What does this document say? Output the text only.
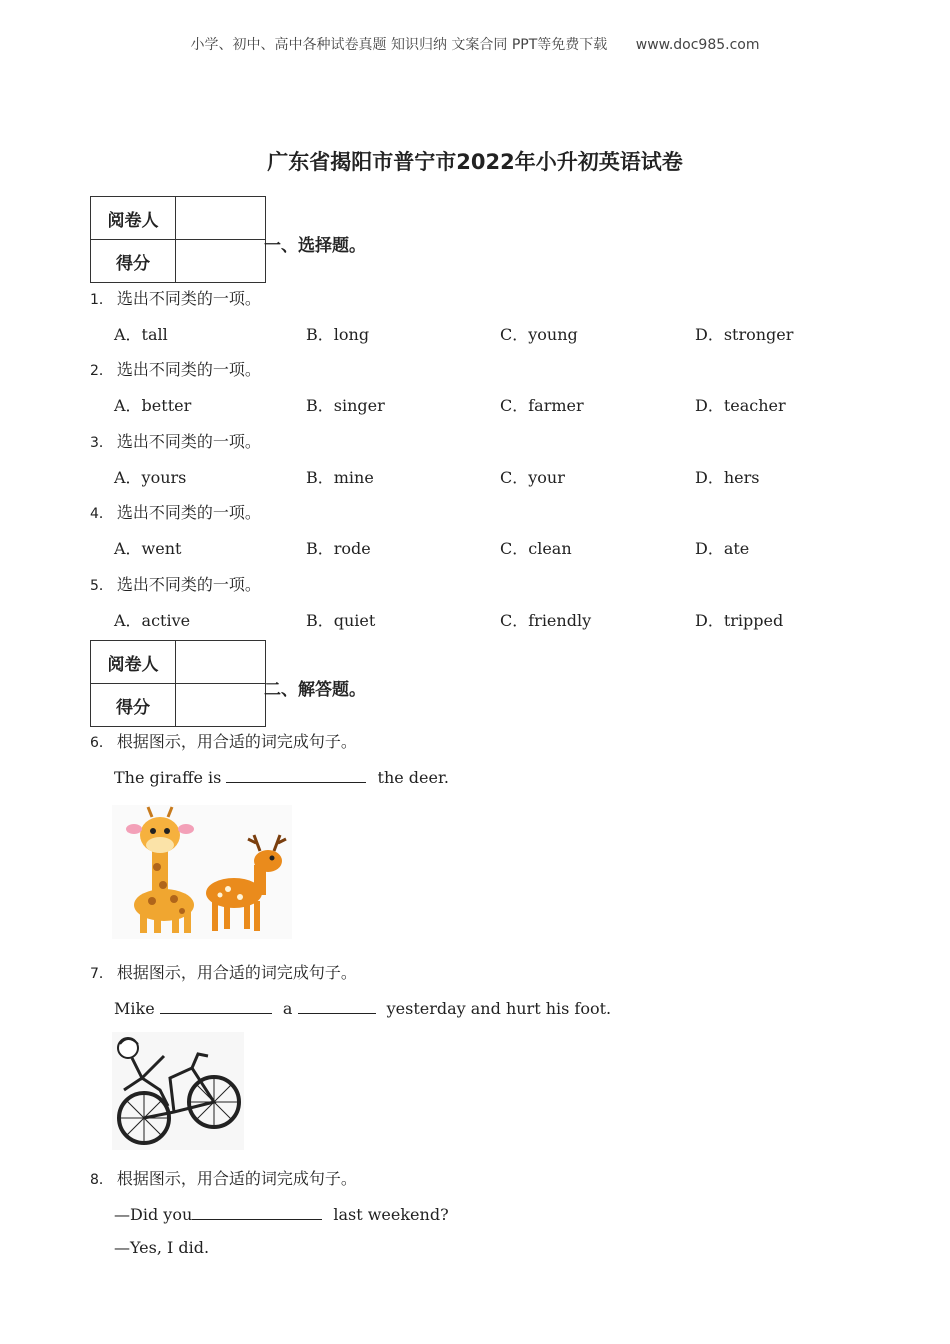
小学、初中、高中各种试卷真题 知识归纳 文案合同 PPT等免费下载 www.doc985.com
广东省揭阳市普宁市2022年小升初英语试卷
阅卷人	
得分	
一、选择题。
1． 选出不同类的一项。
A．tall	B．long	C．young	D．stronger
2． 选出不同类的一项。
A．better	B．singer	C．farmer	D．teacher
3． 选出不同类的一项。
A．yours	B．mine	C．your	D．hers
4． 选出不同类的一项。
A．went	B．rode	C．clean	D．ate
5． 选出不同类的一项。
A．active	B．quiet	C．friendly	D．tripped
阅卷人	
得分	
二、解答题。
6． 根据图示，用合适的词完成句子。
The giraffe is	the deer.
7． 根据图示，用合适的词完成句子。
Mike	a	yesterday and hurt his foot.
8． 根据图示，用合适的词完成句子。
—Did you	last weekend?
—Yes, I did.
